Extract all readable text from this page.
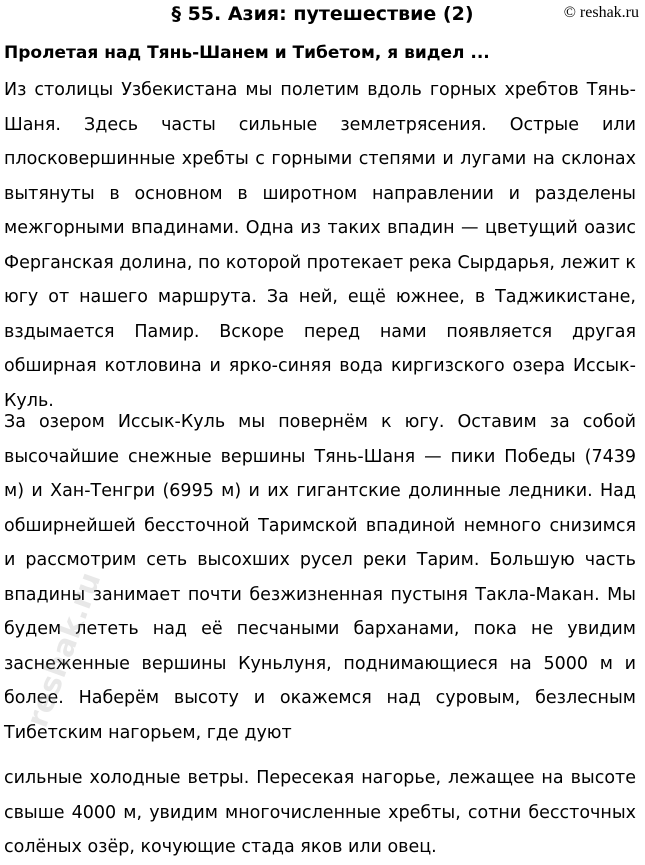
§ 55. Азия: путешествие (2)	© reshak.ru
Пролетая над Тянь-Шанем и Тибетом, я видел ...

Из столицы Узбекистана мы полетим вдоль горных хребтов Тянь-Шаня. Здесь часты сильные землетрясения. Острые или плосковершинные хребты с горными степями и лугами на склонах вытянуты в основном в широтном направлении и разделены межгорными впадинами. Одна из таких впадин — цветущий оазис Ферганская долина, по которой протекает река Сырдарья, лежит к югу от нашего маршрута. За ней, ещё южнее, в Таджикистане, вздымается Памир. Вскоре перед нами появляется другая обширная котловина и ярко-синяя вода киргизского озера Иссык-Куль.

За озером Иссык-Куль мы повернём к югу. Оставим за собой высочайшие снежные вершины Тянь-Шаня — пики Победы (7439 м) и Хан-Тенгри (6995 м) и их гигантские долинные ледники. Над обширнейшей бессточной Таримской впадиной немного снизимся и рассмотрим сеть высохших русел реки Тарим. Большую часть впадины занимает почти безжизненная пустыня Такла-Макан. Мы будем лететь над её песчаными барханами, пока не увидим заснеженные вершины Куньлуня, поднимающиеся на 5000 м и более. Наберём высоту и окажемся над суровым, безлесным Тибетским нагорьем, где дуют

сильные холодные ветры. Пересекая нагорье, лежащее на высоте свыше 4000 м, увидим многочисленные хребты, сотни бессточных солёных озёр, кочующие стада яков или овец.

reshak.ru
